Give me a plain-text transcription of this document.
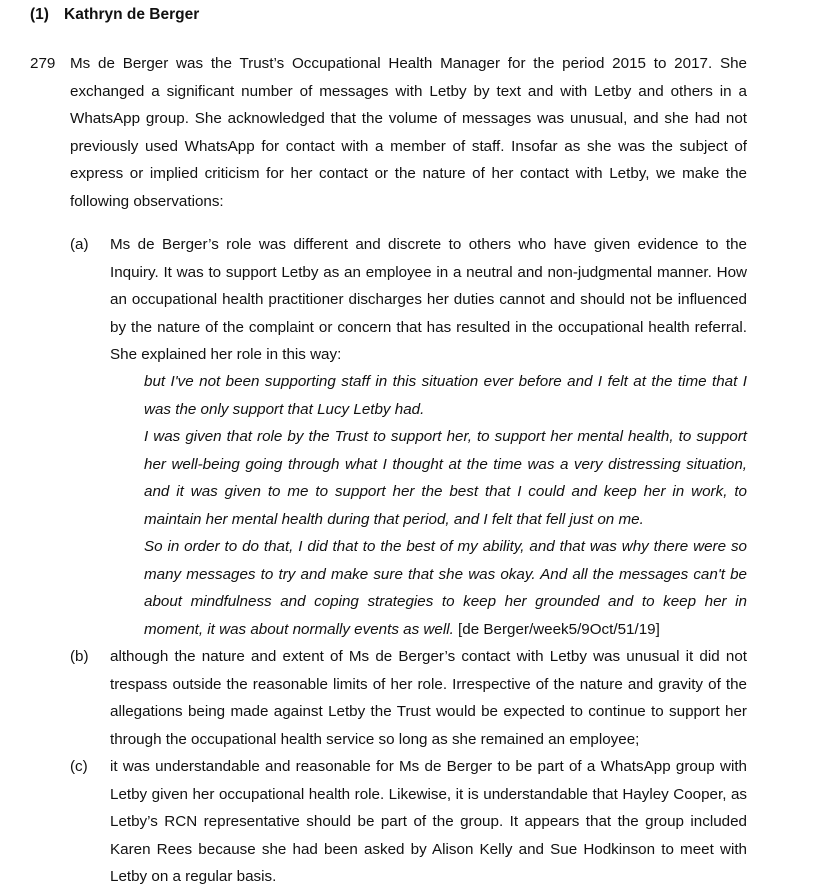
(1) Kathryn de Berger
279 Ms de Berger was the Trust’s Occupational Health Manager for the period 2015 to 2017. She exchanged a significant number of messages with Letby by text and with Letby and others in a WhatsApp group. She acknowledged that the volume of messages was unusual, and she had not previously used WhatsApp for contact with a member of staff. Insofar as she was the subject of express or implied criticism for her contact or the nature of her contact with Letby, we make the following observations:
(a) Ms de Berger’s role was different and discrete to others who have given evidence to the Inquiry. It was to support Letby as an employee in a neutral and non-judgmental manner. How an occupational health practitioner discharges her duties cannot and should not be influenced by the nature of the complaint or concern that has resulted in the occupational health referral. She explained her role in this way:

but I've not been supporting staff in this situation ever before and I felt at the time that I was the only support that Lucy Letby had.

I was given that role by the Trust to support her, to support her mental health, to support her well-being going through what I thought at the time was a very distressing situation, and it was given to me to support her the best that I could and keep her in work, to maintain her mental health during that period, and I felt that fell just on me.

So in order to do that, I did that to the best of my ability, and that was why there were so many messages to try and make sure that she was okay. And all the messages can't be about mindfulness and coping strategies to keep her grounded and to keep her in moment, it was about normally events as well. [de Berger/week5/9Oct/51/19]

(b) although the nature and extent of Ms de Berger’s contact with Letby was unusual it did not trespass outside the reasonable limits of her role. Irrespective of the nature and gravity of the allegations being made against Letby the Trust would be expected to continue to support her through the occupational health service so long as she remained an employee;
(c) it was understandable and reasonable for Ms de Berger to be part of a WhatsApp group with Letby given her occupational health role. Likewise, it is understandable that Hayley Cooper, as Letby’s RCN representative should be part of the group. It appears that the group included Karen Rees because she had been asked by Alison Kelly and Sue Hodkinson to meet with Letby on a regular basis.
